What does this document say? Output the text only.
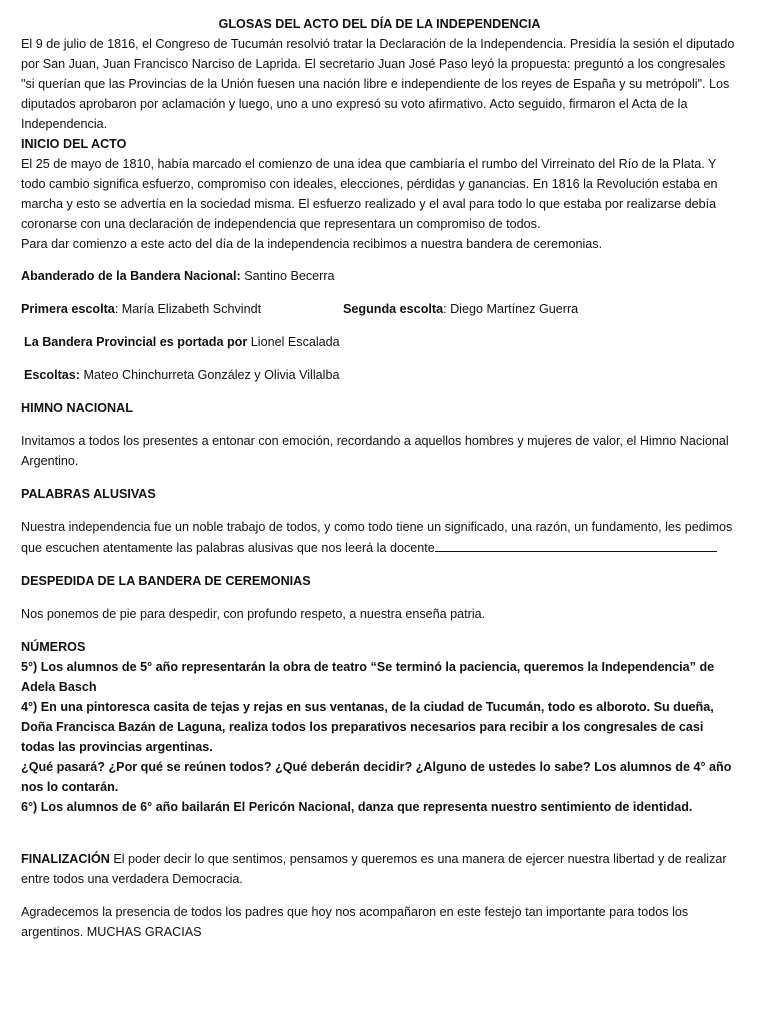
GLOSAS DEL ACTO DEL DÍA DE LA INDEPENDENCIA

El 9 de julio de 1816, el Congreso de Tucumán resolvió tratar la Declaración de la Independencia. Presidía la sesión el diputado por San Juan, Juan Francisco Narciso de Laprida. El secretario Juan José Paso leyó la propuesta: preguntó a los congresales "si querían que las Provincias de la Unión fuesen una nación libre e independiente de los reyes de España y su metrópoli". Los diputados aprobaron por aclamación y luego, uno a uno expresó su voto afirmativo. Acto seguido, firmaron el Acta de la Independencia.

INICIO DEL ACTO

El 25 de mayo de 1810, había marcado el comienzo de una idea que cambiaría el rumbo del Virreinato del Río de la Plata. Y todo cambio significa esfuerzo, compromiso con ideales, elecciones, pérdidas y ganancias. En 1816 la Revolución estaba en marcha y esto se advertía en la sociedad misma. El esfuerzo realizado y el aval para todo lo que estaba por realizarse debía coronarse con una declaración de independencia que representara un compromiso de todos.

Para dar comienzo a este acto del día de la independencia recibimos a nuestra bandera de ceremonias.

Abanderado de la Bandera Nacional: Santino Becerra

Primera escolta: María Elizabeth Schvindt	Segunda escolta: Diego Martínez Guerra

La Bandera Provincial es portada por Lionel Escalada

Escoltas: Mateo Chinchurreta González y Olivia Villalba

HIMNO NACIONAL

Invitamos a todos los presentes a entonar con emoción, recordando a aquellos hombres y mujeres de valor, el Himno Nacional Argentino.

PALABRAS ALUSIVAS

Nuestra independencia fue un noble trabajo de todos, y como todo tiene un significado, una razón, un fundamento, les pedimos que escuchen atentamente las palabras alusivas que nos leerá la docente

DESPEDIDA DE LA BANDERA DE CEREMONIAS

Nos ponemos de pie para despedir, con profundo respeto, a nuestra enseña patria.

NÚMEROS

5°) Los alumnos de 5° año representarán la obra de teatro “Se terminó la paciencia, queremos la Independencia” de Adela Basch

4°) En una pintoresca casita de tejas y rejas en sus ventanas, de la ciudad de Tucumán, todo es alboroto. Su dueña, Doña Francisca Bazán de Laguna, realiza todos los preparativos necesarios para recibir a los congresales de casi todas las provincias argentinas.

¿Qué pasará? ¿Por qué se reúnen todos? ¿Qué deberán decidir? ¿Alguno de ustedes lo sabe? Los alumnos de 4° año nos lo contarán.

6°) Los alumnos de 6° año bailarán El Pericón Nacional, danza que representa nuestro sentimiento de identidad.

FINALIZACIÓN El poder decir lo que sentimos, pensamos y queremos es una manera de ejercer nuestra libertad y de realizar entre todos una verdadera Democracia.

Agradecemos la presencia de todos los padres que hoy nos acompañaron en este festejo tan importante para todos los argentinos. MUCHAS GRACIAS
